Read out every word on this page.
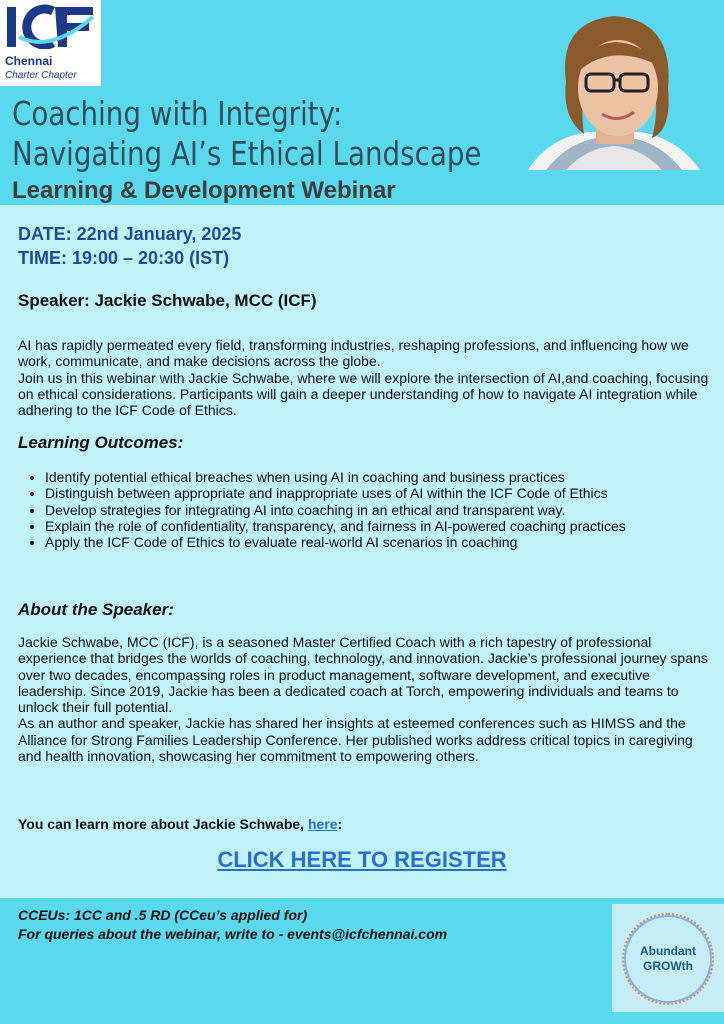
Chennai
Charter Chapter
Coaching with Integrity:
Navigating AI’s Ethical Landscape
Learning & Development Webinar
DATE: 22nd January, 2025
TIME: 19:00 – 20:30 (IST)
Speaker: Jackie Schwabe, MCC (ICF)

AI has rapidly permeated every field, transforming industries, reshaping professions, and influencing how we work, communicate, and make decisions across the globe.

Join us in this webinar with Jackie Schwabe, where we will explore the intersection of AI,and coaching, focusing on ethical considerations. Participants will gain a deeper understanding of how to navigate AI integration while adhering to the ICF Code of Ethics.

Learning Outcomes:
• Identify potential ethical breaches when using AI in coaching and business practices
• Distinguish between appropriate and inappropriate uses of AI within the ICF Code of Ethics
• Develop strategies for integrating AI into coaching in an ethical and transparent way.
• Explain the role of confidentiality, transparency, and fairness in AI-powered coaching practices
• Apply the ICF Code of Ethics to evaluate real-world AI scenarios in coaching
About the Speaker:

Jackie Schwabe, MCC (ICF), is a seasoned Master Certified Coach with a rich tapestry of professional experience that bridges the worlds of coaching, technology, and innovation. Jackie’s professional journey spans over two decades, encompassing roles in product management, software development, and executive leadership. Since 2019, Jackie has been a dedicated coach at Torch, empowering individuals and teams to unlock their full potential.

As an author and speaker, Jackie has shared her insights at esteemed conferences such as HIMSS and the Alliance for Strong Families Leadership Conference. Her published works address critical topics in caregiving and health innovation, showcasing her commitment to empowering others.

You can learn more about Jackie Schwabe, here:
CLICK HERE TO REGISTER
CCEUs: 1CC and .5 RD (CCeu’s applied for)
For queries about the webinar, write to - events@icfchennai.com
Abundant
GROWth
